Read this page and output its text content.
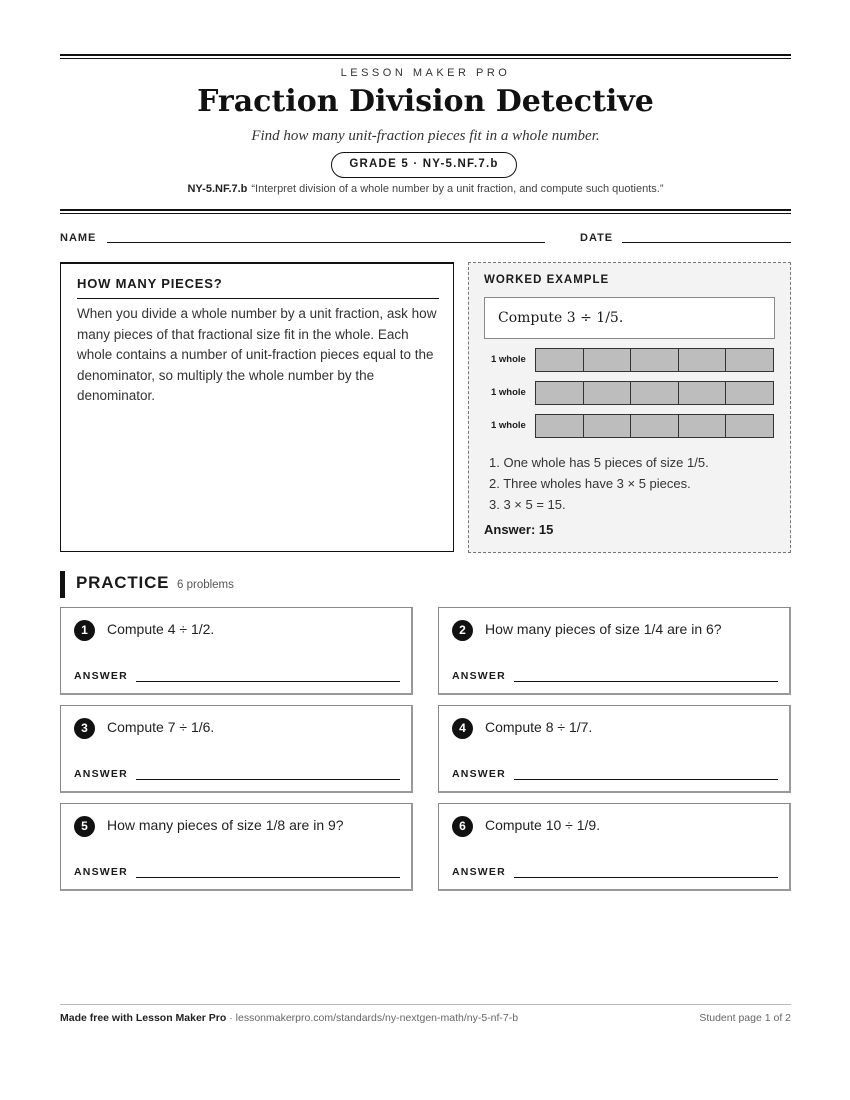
LESSON MAKER PRO
Fraction Division Detective
Find how many unit-fraction pieces fit in a whole number.
GRADE 5 · NY-5.NF.7.b
NY-5.NF.7.b “Interpret division of a whole number by a unit fraction, and compute such quotients.”
NAME	DATE
HOW MANY PIECES?

When you divide a whole number by a unit fraction, ask how many pieces of that fractional size fit in the whole. Each whole contains a number of unit-fraction pieces equal to the denominator, so multiply the whole number by the denominator.

WORKED EXAMPLE
Compute 3 ÷ 1/5.
1 whole
1 whole
1 whole
1. One whole has 5 pieces of size 1/5.
2. Three wholes have 3 × 5 pieces.
3. 3 × 5 = 15.
Answer: 15
PRACTICE 6 problems
1	Compute 4 ÷ 1/2.
ANSWER
2	How many pieces of size 1/4 are in 6?
ANSWER
3	Compute 7 ÷ 1/6.
ANSWER
4	Compute 8 ÷ 1/7.
ANSWER
5	How many pieces of size 1/8 are in 9?
ANSWER
6	Compute 10 ÷ 1/9.
ANSWER
Made free with Lesson Maker Pro · lessonmakerpro.com/standards/ny-nextgen-math/ny-5-nf-7-b	Student page 1 of 2
